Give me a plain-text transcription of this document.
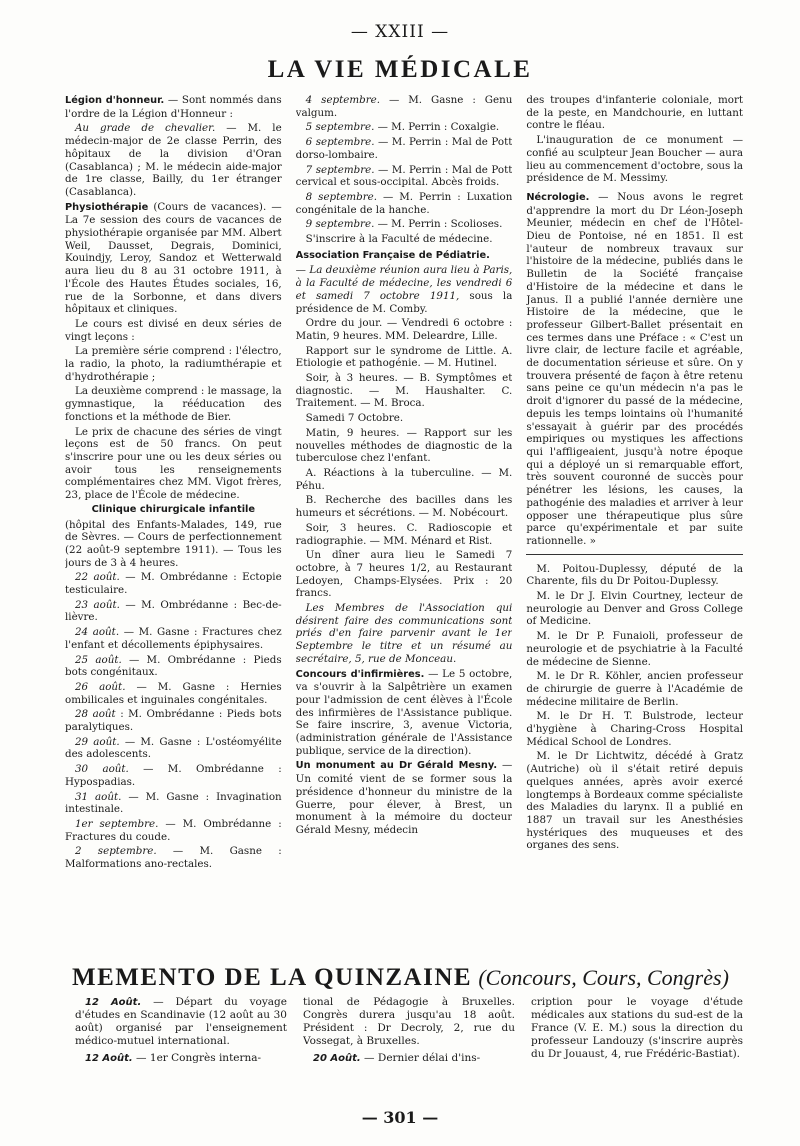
— XXIII —
LA VIE MÉDICALE

Légion d'honneur. — Sont nommés dans l'ordre de la Légion d'Honneur :

Au grade de chevalier. — M. le médecin-major de 2e classe Perrin, des hôpitaux de la division d'Oran (Casablanca) ; M. le médecin aide-major de 1re classe, Bailly, du 1er étranger (Casablanca).

Physiothérapie (Cours de vacances). — La 7e session des cours de vacances de physiothérapie organisée par MM. Albert Weil, Dausset, Degrais, Dominici, Kouindjy, Leroy, Sandoz et Wetterwald aura lieu du 8 au 31 octobre 1911, à l'École des Hautes Études sociales, 16, rue de la Sorbonne, et dans divers hôpitaux et cliniques.

Le cours est divisé en deux séries de vingt leçons :

La première série comprend : l'électro, la radio, la photo, la radiumthérapie et d'hydrothérapie ;

La deuxième comprend : le massage, la gymnastique, la rééducation des fonctions et la méthode de Bier.

Le prix de chacune des séries de vingt leçons est de 50 francs. On peut s'inscrire pour une ou les deux séries ou avoir tous les renseignements complémentaires chez MM. Vigot frères, 23, place de l'École de médecine.

Clinique chirurgicale infantile

(hôpital des Enfants-Malades, 149, rue de Sèvres. — Cours de perfectionnement (22 août-9 septembre 1911). — Tous les jours de 3 à 4 heures.

22 août. — M. Ombrédanne : Ectopie testiculaire.

23 août. — M. Ombrédanne : Bec-de-lièvre.

24 août. — M. Gasne : Fractures chez l'enfant et décollements épiphysaires.

25 août. — M. Ombrédanne : Pieds bots congénitaux.

26 août. — M. Gasne : Hernies ombilicales et inguinales congénitales.

28 août : M. Ombrédanne : Pieds bots paralytiques.

29 août. — M. Gasne : L'ostéomyélite des adolescents.

30 août. — M. Ombrédanne : Hypospadias.

31 août. — M. Gasne : Invagination intestinale.

1er septembre. — M. Ombrédanne : Fractures du coude.

2 septembre. — M. Gasne : Malformations ano-rectales.

4 septembre. — M. Gasne : Genu valgum.

5 septembre. — M. Perrin : Coxalgie.

6 septembre. — M. Perrin : Mal de Pott dorso-lombaire.

7 septembre. — M. Perrin : Mal de Pott cervical et sous-occipital. Abcès froids.

8 septembre. — M. Perrin : Luxation congénitale de la hanche.

9 septembre. — M. Perrin : Scolioses.

S'inscrire à la Faculté de médecine.

Association Française de Pédiatrie.

— La deuxième réunion aura lieu à Paris, à la Faculté de médecine, les vendredi 6 et samedi 7 octobre 1911, sous la présidence de M. Comby.

Ordre du jour. — Vendredi 6 octobre : Matin, 9 heures. MM. Deleardre, Lille.

Rapport sur le syndrome de Little. A. Etiologie et pathogénie. — M. Hutinel.

Soir, à 3 heures. — B. Symptômes et diagnostic. — M. Haushalter. C. Traitement. — M. Broca.

Samedi 7 Octobre.

Matin, 9 heures. — Rapport sur les nouvelles méthodes de diagnostic de la tuberculose chez l'enfant.

A. Réactions à la tuberculine. — M. Péhu.

B. Recherche des bacilles dans les humeurs et sécrétions. — M. Nobécourt.

Soir, 3 heures. C. Radioscopie et radiographie. — MM. Ménard et Rist.

Un dîner aura lieu le Samedi 7 octobre, à 7 heures 1/2, au Restaurant Ledoyen, Champs-Elysées. Prix : 20 francs.

Les Membres de l'Association qui désirent faire des communications sont priés d'en faire parvenir avant le 1er Septembre le titre et un résumé au secrétaire, 5, rue de Monceau.

Concours d'infirmières. — Le 5 octobre, va s'ouvrir à la Salpêtrière un examen pour l'admission de cent élèves à l'École des infirmières de l'Assistance publique. Se faire inscrire, 3, avenue Victoria, (administration générale de l'Assistance publique, service de la direction).

Un monument au Dr Gérald Mesny. — Un comité vient de se former sous la présidence d'honneur du ministre de la Guerre, pour élever, à Brest, un monument à la mémoire du docteur Gérald Mesny, médecin

des troupes d'infanterie coloniale, mort de la peste, en Mandchourie, en luttant contre le fléau.

L'inauguration de ce monument — confié au sculpteur Jean Boucher — aura lieu au commencement d'octobre, sous la présidence de M. Messimy.

Nécrologie. — Nous avons le regret d'apprendre la mort du Dr Léon-Joseph Meunier, médecin en chef de l'Hôtel-Dieu de Pontoise, né en 1851. Il est l'auteur de nombreux travaux sur l'histoire de la médecine, publiés dans le Bulletin de la Société française d'Histoire de la médecine et dans le Janus. Il a publié l'année dernière une Histoire de la médecine, que le professeur Gilbert-Ballet présentait en ces termes dans une Préface : « C'est un livre clair, de lecture facile et agréable, de documentation sérieuse et sûre. On y trouvera présenté de façon à être retenu sans peine ce qu'un médecin n'a pas le droit d'ignorer du passé de la médecine, depuis les temps lointains où l'humanité s'essayait à guérir par des procédés empiriques ou mystiques les affections qui l'affligeaient, jusqu'à notre époque qui a déployé un si remarquable effort, très souvent couronné de succès pour pénétrer les lésions, les causes, la pathogénie des maladies et arriver à leur opposer une thérapeutique plus sûre parce qu'expérimentale et par suite rationnelle. »

M. Poitou-Duplessy, député de la Charente, fils du Dr Poitou-Duplessy.

M. le Dr J. Elvin Courtney, lecteur de neurologie au Denver and Gross College of Medicine.

M. le Dr P. Funaioli, professeur de neurologie et de psychiatrie à la Faculté de médecine de Sienne.

M. le Dr R. Köhler, ancien professeur de chirurgie de guerre à l'Académie de médecine militaire de Berlin.

M. le Dr H. T. Bulstrode, lecteur d'hygiène à Charing-Cross Hospital Médical School de Londres.

M. le Dr Lichtwitz, décédé à Gratz (Autriche) où il s'était retiré depuis quelques années, après avoir exercé longtemps à Bordeaux comme spécialiste des Maladies du larynx. Il a publié en 1887 un travail sur les Anesthésies hystériques des muqueuses et des organes des sens.

MEMENTO DE LA QUINZAINE (Concours, Cours, Congrès)

12 Août. — Départ du voyage d'études en Scandinavie (12 août au 30 août) organisé par l'enseignement médico-mutuel international.

12 Août. — 1er Congrès interna-

tional de Pédagogie à Bruxelles. Congrès durera jusqu'au 18 août. Président : Dr Decroly, 2, rue du Vossegat, à Bruxelles.

20 Août. — Dernier délai d'ins-

cription pour le voyage d'étude médicales aux stations du sud-est de la France (V. E. M.) sous la direction du professeur Landouzy (s'inscrire auprès du Dr Jouaust, 4, rue Frédéric-Bastiat).

— 301 —
